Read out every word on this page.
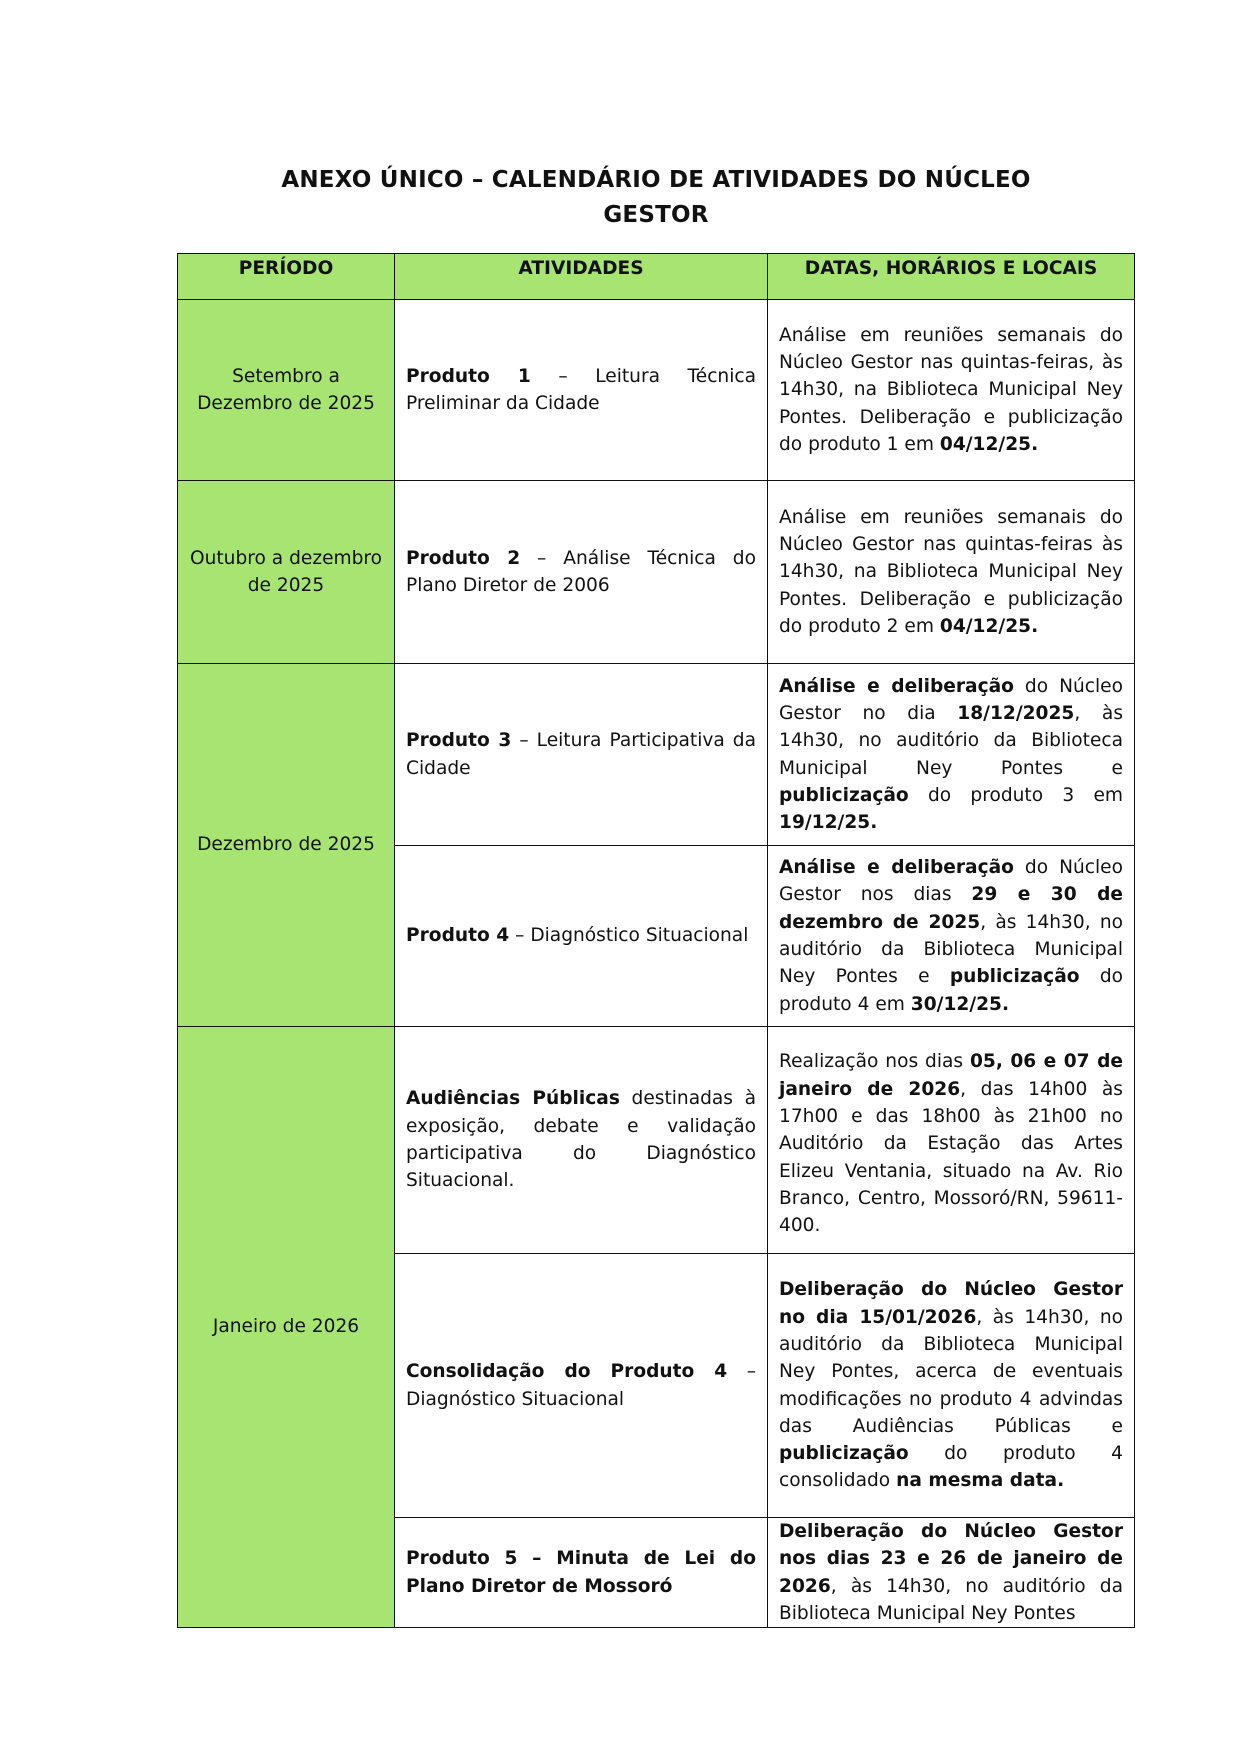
ANEXO ÚNICO – CALENDÁRIO DE ATIVIDADES DO NÚCLEO
GESTOR
PERÍODO	ATIVIDADES	DATAS, HORÁRIOS E LOCAIS
Setembro a Dezembro de 2025	Produto 1 – Leitura Técnica Preliminar da Cidade	Análise em reuniões semanais do Núcleo Gestor nas quintas-feiras, às 14h30, na Biblioteca Municipal Ney Pontes. Deliberação e publicização do produto 1 em 04/12/25.
Outubro a dezembro de 2025	Produto 2 – Análise Técnica do Plano Diretor de 2006	Análise em reuniões semanais do Núcleo Gestor nas quintas-feiras às 14h30, na Biblioteca Municipal Ney Pontes. Deliberação e publicização do produto 2 em 04/12/25.
Dezembro de 2025	Produto 3 – Leitura Participativa da Cidade	Análise e deliberação do Núcleo Gestor no dia 18/12/2025, às 14h30, no auditório da Biblioteca Municipal Ney Pontes e publicização do produto 3 em 19/12/25.
	Produto 4 – Diagnóstico Situacional	Análise e deliberação do Núcleo Gestor nos dias 29 e 30 de dezembro de 2025, às 14h30, no auditório da Biblioteca Municipal Ney Pontes e publicização do produto 4 em 30/12/25.
Janeiro de 2026	Audiências Públicas destinadas à exposição, debate e validação participativa do Diagnóstico Situacional.	Realização nos dias 05, 06 e 07 de janeiro de 2026, das 14h00 às 17h00 e das 18h00 às 21h00 no Auditório da Estação das Artes Elizeu Ventania, situado na Av. Rio Branco, Centro, Mossoró/RN, 59611-400.
	Consolidação do Produto 4 – Diagnóstico Situacional	Deliberação do Núcleo Gestor no dia 15/01/2026, às 14h30, no auditório da Biblioteca Municipal Ney Pontes, acerca de eventuais modificações no produto 4 advindas das Audiências Públicas e publicização do produto 4 consolidado na mesma data.
	Produto 5 – Minuta de Lei do Plano Diretor de Mossoró	Deliberação do Núcleo Gestor nos dias 23 e 26 de janeiro de 2026, às 14h30, no auditório da Biblioteca Municipal Ney Pontes
